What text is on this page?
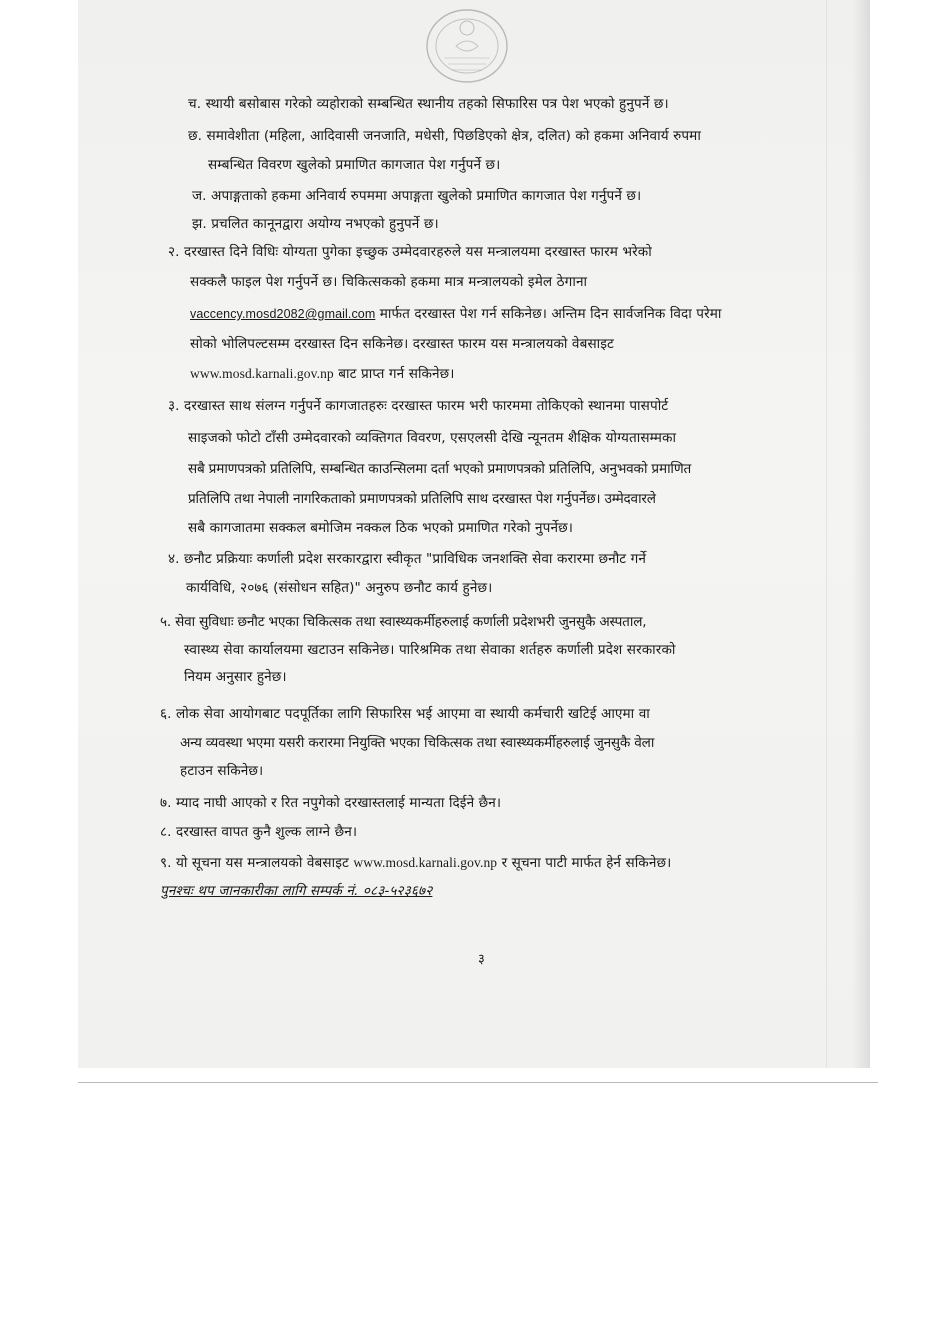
च. स्थायी बसोबास गरेको व्यहोराको सम्बन्धित स्थानीय तहको सिफारिस पत्र पेश भएको हुनुपर्ने छ।
छ. समावेशीता (महिला, आदिवासी जनजाति, मधेसी, पिछडिएको क्षेत्र, दलित) को हकमा अनिवार्य रुपमा
सम्बन्धित विवरण खुलेको प्रमाणित कागजात पेश गर्नुपर्ने छ।
ज. अपाङ्गताको हकमा अनिवार्य रुपममा अपाङ्गता खुलेको प्रमाणित कागजात पेश गर्नुपर्ने छ।
झ. प्रचलित कानूनद्वारा अयोग्य नभएको हुनुपर्ने छ।
२. दरखास्त दिने विधिः योग्यता पुगेका इच्छुक उम्मेदवारहरुले यस मन्त्रालयमा दरखास्त फारम भरेको
सक्कलै फाइल पेश गर्नुपर्ने छ। चिकित्सकको हकमा मात्र मन्त्रालयको इमेल ठेगाना
vaccency.mosd2082@gmail.com मार्फत दरखास्त पेश गर्न सकिनेछ। अन्तिम दिन सार्वजनिक विदा परेमा
सोको भोलिपल्टसम्म दरखास्त दिन सकिनेछ। दरखास्त फारम यस मन्त्रालयको वेबसाइट
www.mosd.karnali.gov.np बाट प्राप्त गर्न सकिनेछ।
३. दरखास्त साथ संलग्न गर्नुपर्ने कागजातहरुः दरखास्त फारम भरी फारममा तोकिएको स्थानमा पासपोर्ट
साइजको फोटो टाँसी उम्मेदवारको व्यक्तिगत विवरण, एसएलसी देखि न्यूनतम शैक्षिक योग्यतासम्मका
सबै प्रमाणपत्रको प्रतिलिपि, सम्बन्धित काउन्सिलमा दर्ता भएको प्रमाणपत्रको प्रतिलिपि, अनुभवको प्रमाणित
प्रतिलिपि तथा नेपाली नागरिकताको प्रमाणपत्रको प्रतिलिपि साथ दरखास्त पेश गर्नुपर्नेछ। उम्मेदवारले
सबै कागजातमा सक्कल बमोजिम नक्कल ठिक भएको प्रमाणित गरेको नुपर्नेछ।
४. छनौट प्रक्रियाः कर्णाली प्रदेश सरकारद्वारा स्वीकृत "प्राविधिक जनशक्ति सेवा करारमा छनौट गर्ने
कार्यविधि, २०७६ (संसोधन सहित)" अनुरुप छनौट कार्य हुनेछ।
५. सेवा सुविधाः छनौट भएका चिकित्सक तथा स्वास्थ्यकर्मीहरुलाई कर्णाली प्रदेशभरी जुनसुकै अस्पताल,
स्वास्थ्य सेवा कार्यालयमा खटाउन सकिनेछ। पारिश्रमिक तथा सेवाका शर्तहरु कर्णाली प्रदेश सरकारको
नियम अनुसार हुनेछ।
६. लोक सेवा आयोगबाट पदपूर्तिका लागि सिफारिस भई आएमा वा स्थायी कर्मचारी खटिई आएमा वा
अन्य व्यवस्था भएमा यसरी करारमा नियुक्ति भएका चिकित्सक तथा स्वास्थ्यकर्मीहरुलाई जुनसुकै वेला
हटाउन सकिनेछ।
७. म्याद नाघी आएको र रित नपुगेको दरखास्तलाई मान्यता दिईने छैन।
८. दरखास्त वापत कुनै शुल्क लाग्ने छैन।
९. यो सूचना यस मन्त्रालयको वेबसाइट www.mosd.karnali.gov.np र सूचना पाटी मार्फत हेर्न सकिनेछ।
पुनश्चः थप जानकारीका लागि सम्पर्क नं. ०८३-५२३६७२
३
